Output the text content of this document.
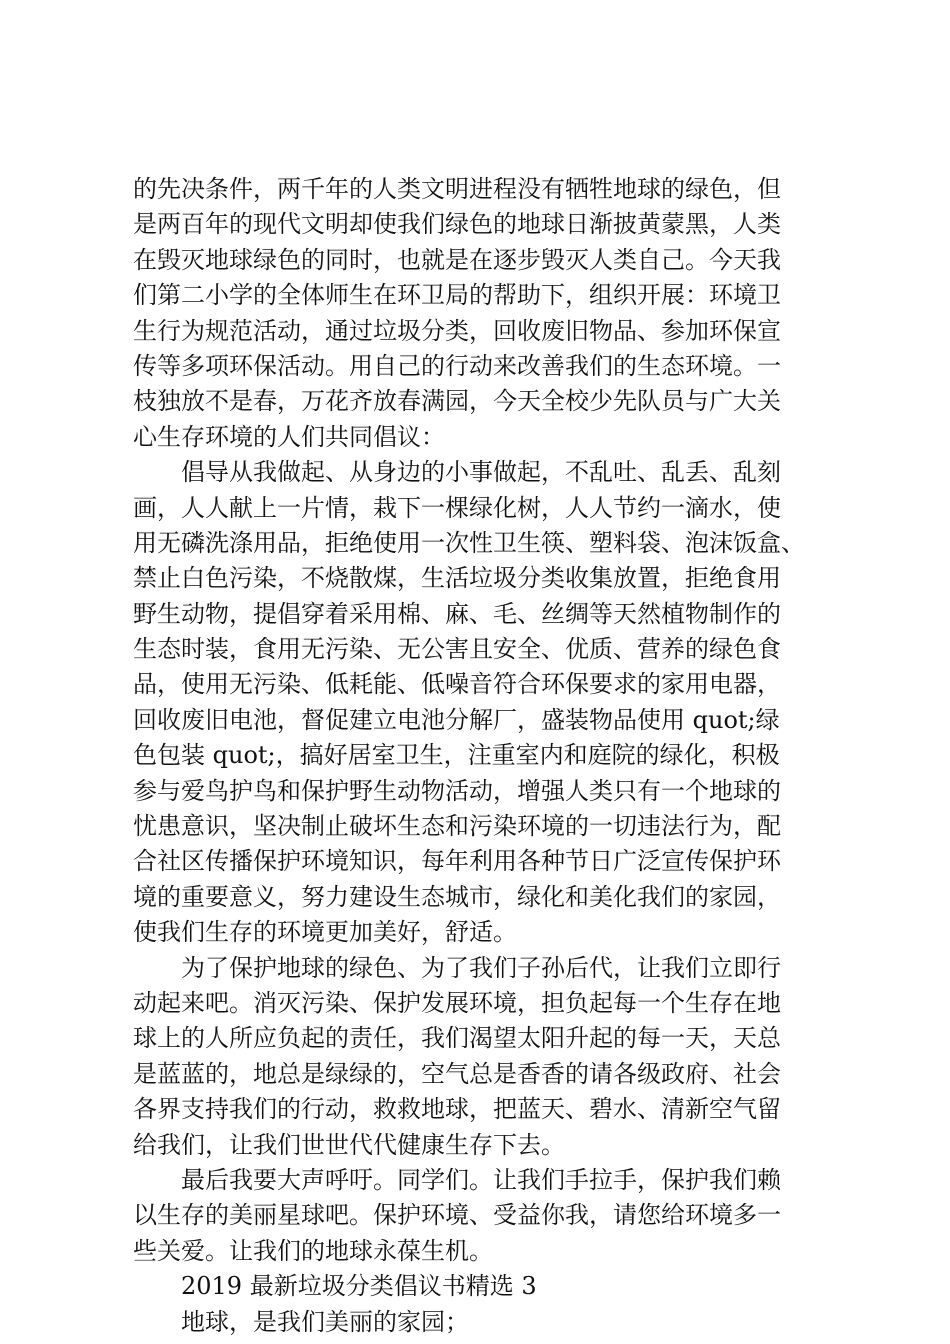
的先决条件，两千年的人类文明进程没有牺牲地球的绿色，但
是两百年的现代文明却使我们绿色的地球日渐披黄蒙黑，人类
在毁灭地球绿色的同时，也就是在逐步毁灭人类自己。今天我
们第二小学的全体师生在环卫局的帮助下，组织开展：环境卫
生行为规范活动，通过垃圾分类，回收废旧物品、参加环保宣
传等多项环保活动。用自己的行动来改善我们的生态环境。一
枝独放不是春，万花齐放春满园，今天全校少先队员与广大关
心生存环境的人们共同倡议：
　　倡导从我做起、从身边的小事做起，不乱吐、乱丢、乱刻
画，人人献上一片情，栽下一棵绿化树，人人节约一滴水，使
用无磷洗涤用品，拒绝使用一次性卫生筷、塑料袋、泡沫饭盒、
禁止白色污染，不烧散煤，生活垃圾分类收集放置，拒绝食用
野生动物，提倡穿着采用棉、麻、毛、丝绸等天然植物制作的
生态时装，食用无污染、无公害且安全、优质、营养的绿色食
品，使用无污染、低耗能、低噪音符合环保要求的家用电器，
回收废旧电池，督促建立电池分解厂，盛装物品使用 quot;绿
色包装 quot;，搞好居室卫生，注重室内和庭院的绿化，积极
参与爱鸟护鸟和保护野生动物活动，增强人类只有一个地球的
忧患意识，坚决制止破坏生态和污染环境的一切违法行为，配
合社区传播保护环境知识，每年利用各种节日广泛宣传保护环
境的重要意义，努力建设生态城市，绿化和美化我们的家园，
使我们生存的环境更加美好，舒适。
　　为了保护地球的绿色、为了我们子孙后代，让我们立即行
动起来吧。消灭污染、保护发展环境，担负起每一个生存在地
球上的人所应负起的责任，我们渴望太阳升起的每一天，天总
是蓝蓝的，地总是绿绿的，空气总是香香的请各级政府、社会
各界支持我们的行动，救救地球，把蓝天、碧水、清新空气留
给我们，让我们世世代代健康生存下去。
　　最后我要大声呼吁。同学们。让我们手拉手，保护我们赖
以生存的美丽星球吧。保护环境、受益你我，请您给环境多一
些关爱。让我们的地球永葆生机。
　　2019 最新垃圾分类倡议书精选 3
　　地球，是我们美丽的家园；
